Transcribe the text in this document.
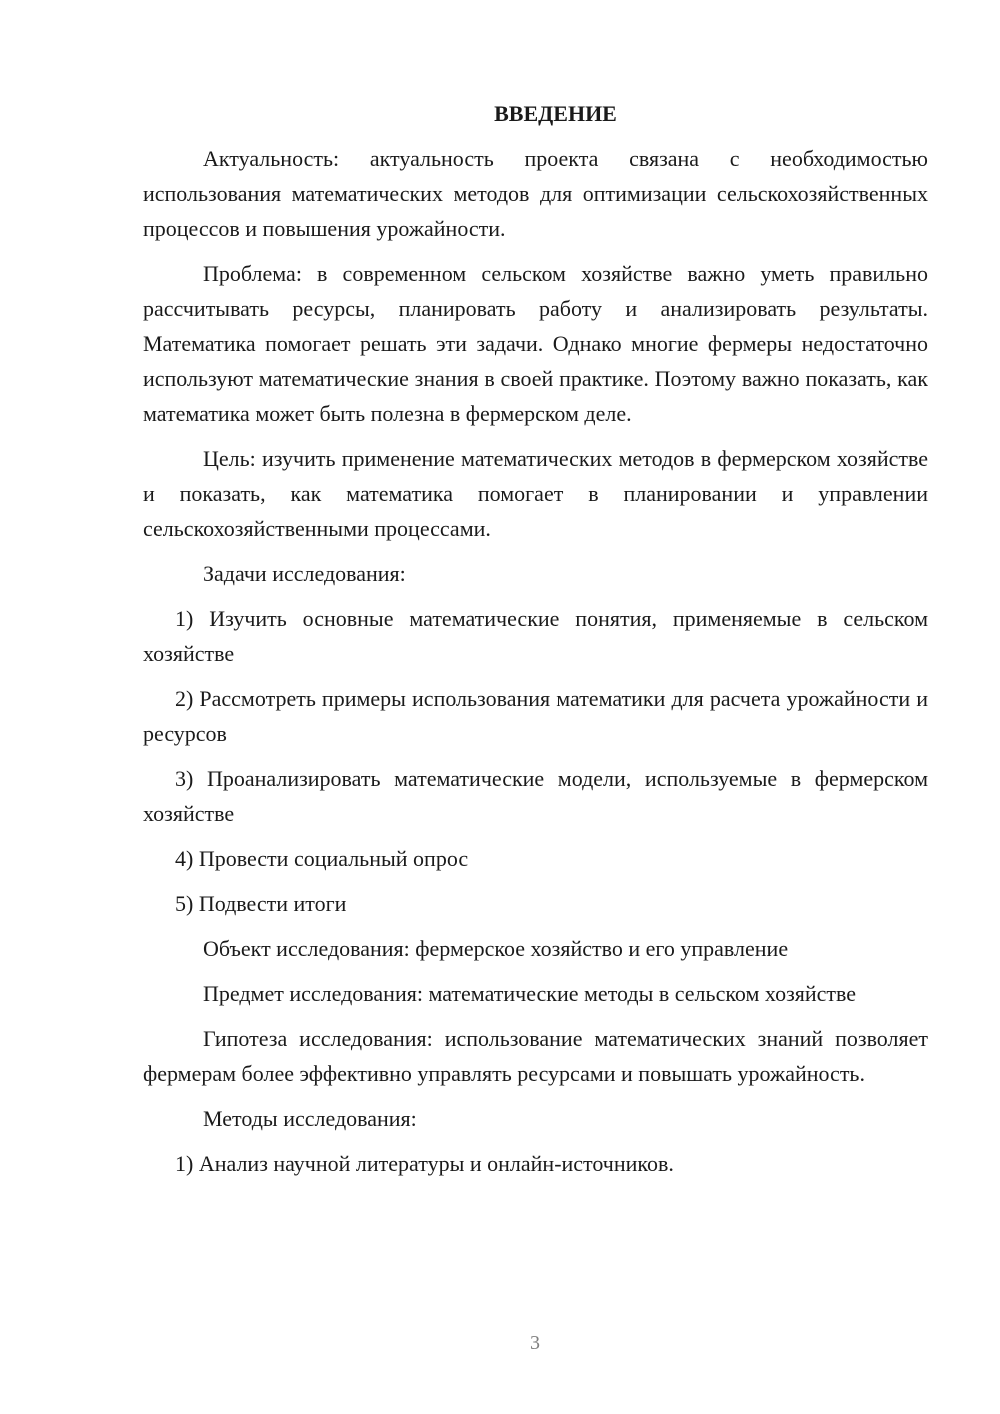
ВВЕДЕНИЕ

Актуальность: актуальность проекта связана с необходимостью использования математических методов для оптимизации сельскохозяйственных процессов и повышения урожайности.

Проблема: в современном сельском хозяйстве важно уметь правильно рассчитывать ресурсы, планировать работу и анализировать результаты. Математика помогает решать эти задачи. Однако многие фермеры недостаточно используют математические знания в своей практике. Поэтому важно показать, как математика может быть полезна в фермерском деле.

Цель: изучить применение математических методов в фермерском хозяйстве и показать, как математика помогает в планировании и управлении сельскохозяйственными процессами.

Задачи исследования:

1) Изучить основные математические понятия, применяемые в сельском хозяйстве

2) Рассмотреть примеры использования математики для расчета урожайности и ресурсов

3) Проанализировать математические модели, используемые в фермерском хозяйстве

4) Провести социальный опрос

5) Подвести итоги

Объект исследования: фермерское хозяйство и его управление

Предмет исследования: математические методы в сельском хозяйстве

Гипотеза исследования: использование математических знаний позволяет фермерам более эффективно управлять ресурсами и повышать урожайность.

Методы исследования:

1) Анализ научной литературы и онлайн-источников.

3
